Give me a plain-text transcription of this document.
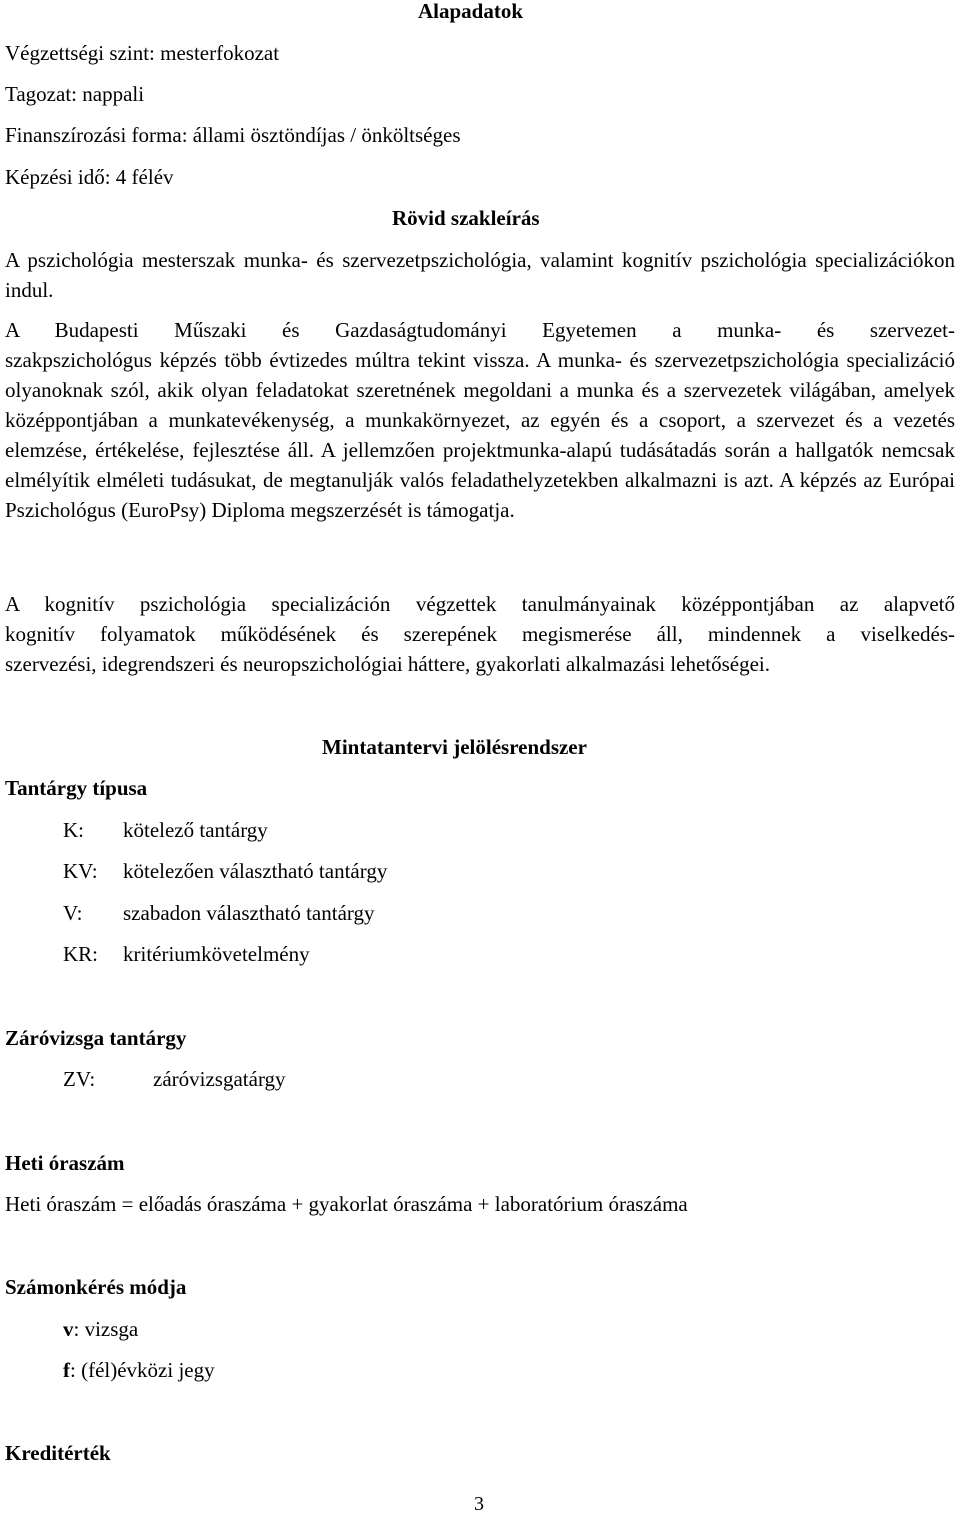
Alapadatok
Végzettségi szint: mesterfokozat
Tagozat: nappali
Finanszírozási forma: állami ösztöndíjas / önköltséges
Képzési idő: 4 félév
Rövid szakleírás

A pszichológia mesterszak munka- és szervezetpszichológia, valamint kognitív pszichológia specializációkon indul.

A Budapesti Műszaki és Gazdaságtudományi Egyetemen a munka- és szervezet-

szakpszichológus képzés több évtizedes múltra tekint vissza. A munka- és szervezetpszichológia specializáció olyanoknak szól, akik olyan feladatokat szeretnének megoldani a munka és a szervezetek világában, amelyek középpontjában a munkatevékenység, a munkakörnyezet, az egyén és a csoport, a szervezet és a vezetés elemzése, értékelése, fejlesztése áll. A jellemzően projektmunka-alapú tudásátadás során a hallgatók nemcsak elmélyítik elméleti tudásukat, de megtanulják valós feladathelyzetekben alkalmazni is azt. A képzés az Európai Pszichológus (EuroPsy) Diploma megszerzését is támogatja.

A kognitív pszichológia specializáción végzettek tanulmányainak középpontjában az alapvető

kognitív folyamatok működésének és szerepének megismerése áll, mindennek a viselkedés-

szervezési, idegrendszeri és neuropszichológiai háttere, gyakorlati alkalmazási lehetőségei.

Mintatantervi jelölésrendszer
Tantárgy típusa
K: kötelező tantárgy
KV: kötelezően választható tantárgy
V: szabadon választható tantárgy
KR: kritériumkövetelmény
Záróvizsga tantárgy
ZV:	záróvizsgatárgy
Heti óraszám
Heti óraszám = előadás óraszáma + gyakorlat óraszáma + laboratórium óraszáma
Számonkérés módja
v: vizsga
f: (fél)évközi jegy
Kreditérték
3
